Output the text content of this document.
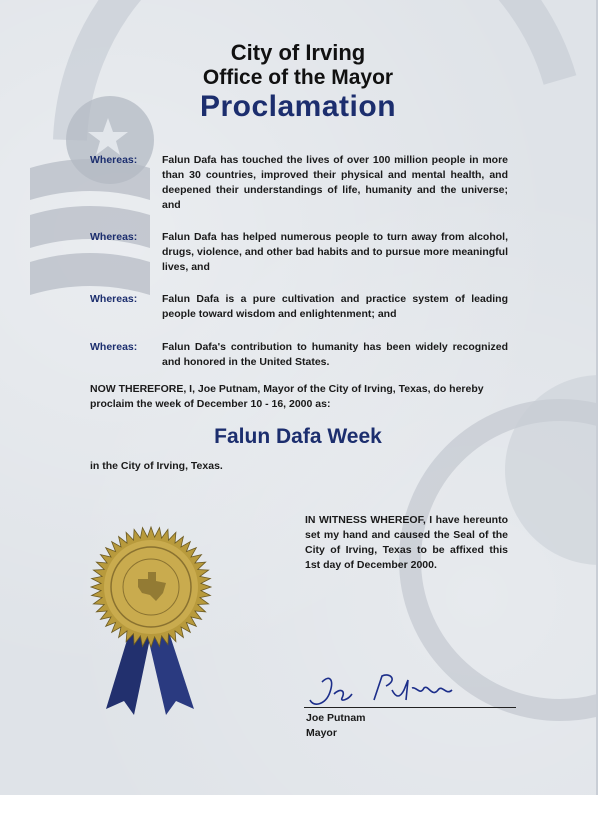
City of Irving
Office of the Mayor
Proclamation
Whereas: Falun Dafa has touched the lives of over 100 million people in more than 30 countries, improved their physical and mental health, and deepened their understandings of life, humanity and the universe; and
Whereas: Falun Dafa has helped numerous people to turn away from alcohol, drugs, violence, and other bad habits and to pursue more meaningful lives, and
Whereas: Falun Dafa is a pure cultivation and practice system of leading people toward wisdom and enlightenment; and
Whereas: Falun Dafa's contribution to humanity has been widely recognized and honored in the United States.
NOW THEREFORE, I, Joe Putnam, Mayor of the City of Irving, Texas, do hereby proclaim the week of December 10 - 16, 2000 as:
Falun Dafa Week
in the City of Irving, Texas.
IN WITNESS WHEREOF, I have hereunto set my hand and caused the Seal of the City of Irving, Texas to be affixed this 1st day of December 2000.
Joe Putnam
Mayor
